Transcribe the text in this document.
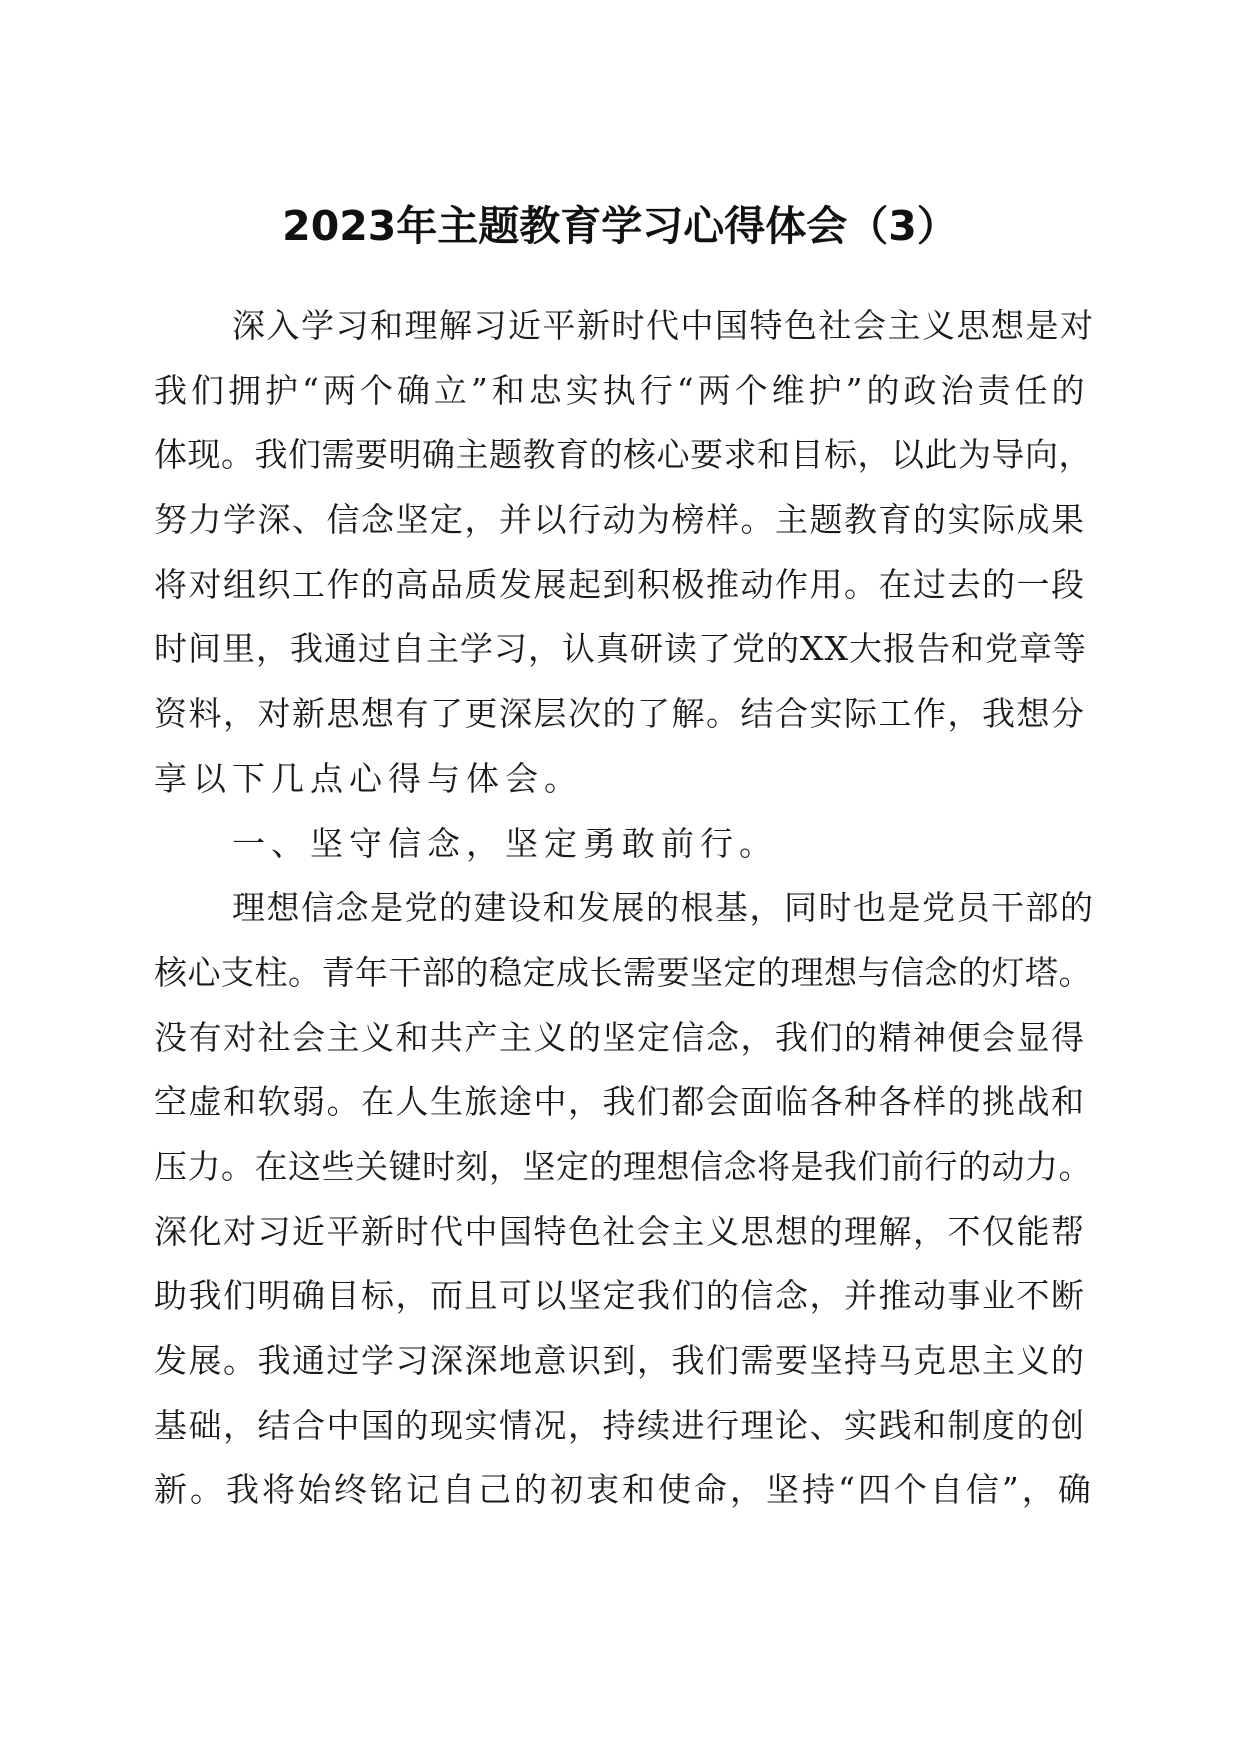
2023年主题教育学习心得体会（3）
深入学习和理解习近平新时代中国特色社会主义思想是对
我们拥护“两个确立”和忠实执行“两个维护”的政治责任的
体现。我们需要明确主题教育的核心要求和目标，以此为导向，
努力学深、信念坚定，并以行动为榜样。主题教育的实际成果
将对组织工作的高品质发展起到积极推动作用。在过去的一段
时间里，我通过自主学习，认真研读了党的XX大报告和党章等
资料，对新思想有了更深层次的了解。结合实际工作，我想分
享以下几点心得与体会。
一、坚守信念，坚定勇敢前行。
理想信念是党的建设和发展的根基，同时也是党员干部的
核心支柱。青年干部的稳定成长需要坚定的理想与信念的灯塔。
没有对社会主义和共产主义的坚定信念，我们的精神便会显得
空虚和软弱。在人生旅途中，我们都会面临各种各样的挑战和
压力。在这些关键时刻，坚定的理想信念将是我们前行的动力。
深化对习近平新时代中国特色社会主义思想的理解，不仅能帮
助我们明确目标，而且可以坚定我们的信念，并推动事业不断
发展。我通过学习深深地意识到，我们需要坚持马克思主义的
基础，结合中国的现实情况，持续进行理论、实践和制度的创
新。我将始终铭记自己的初衷和使命，坚持“四个自信”，确
